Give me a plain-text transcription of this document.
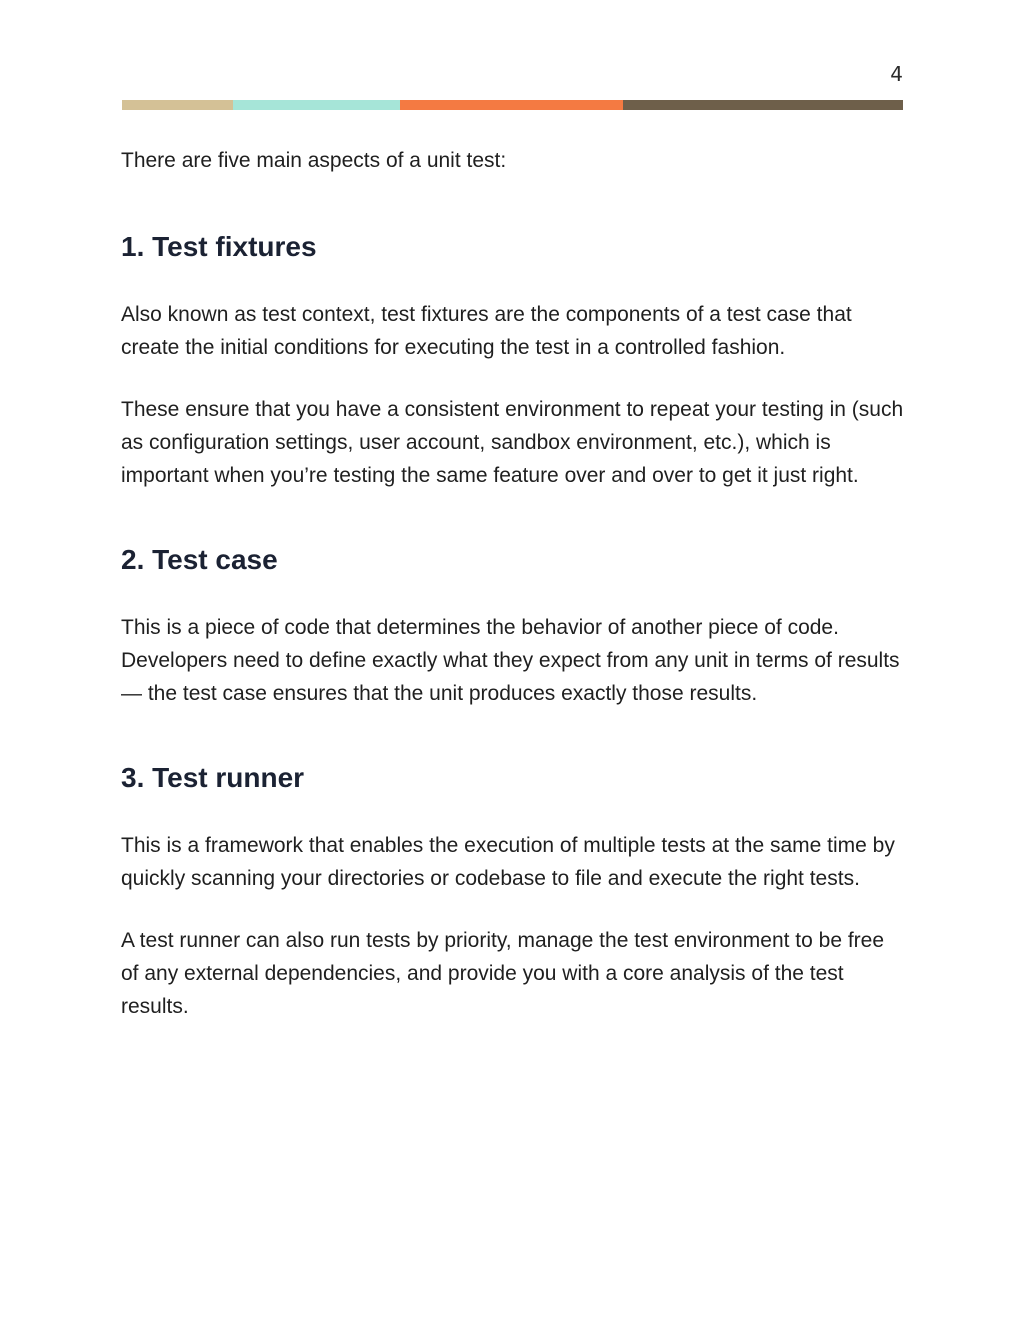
4

There are five main aspects of a unit test:

1. Test fixtures

Also known as test context, test fixtures are the components of a test case that create the initial conditions for executing the test in a controlled fashion.

These ensure that you have a consistent environment to repeat your testing in (such as configuration settings, user account, sandbox environment, etc.), which is important when you’re testing the same feature over and over to get it just right.

2. Test case

This is a piece of code that determines the behavior of another piece of code. Developers need to define exactly what they expect from any unit in terms of results — the test case ensures that the unit produces exactly those results.

3. Test runner

This is a framework that enables the execution of multiple tests at the same time by quickly scanning your directories or codebase to file and execute the right tests.

A test runner can also run tests by priority, manage the test environment to be free of any external dependencies, and provide you with a core analysis of the test results.
